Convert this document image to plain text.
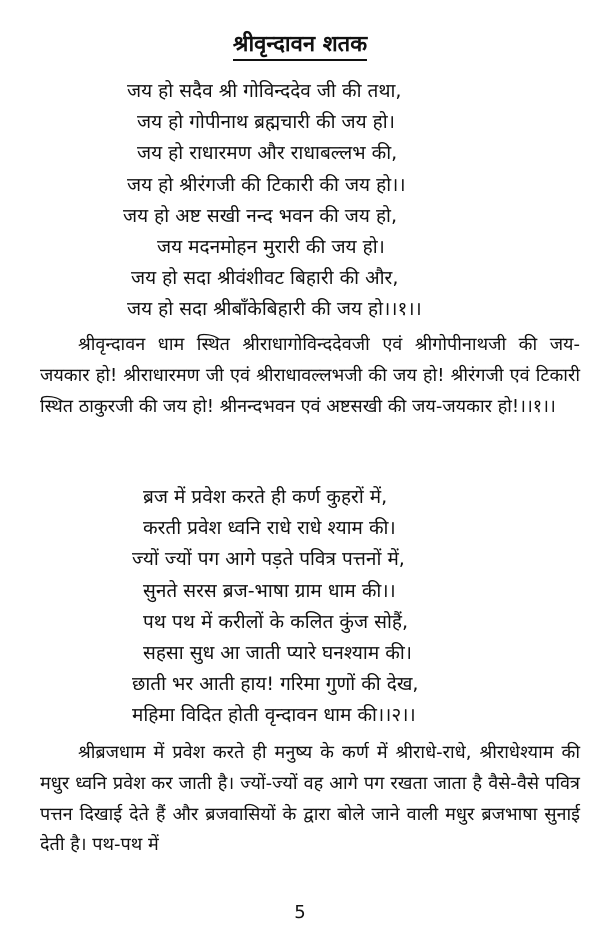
श्रीवृन्दावन शतक
जय हो सदैव श्री गोविन्ददेव जी की तथा,
जय हो गोपीनाथ ब्रह्मचारी की जय हो।
जय हो राधारमण और राधाबल्लभ की,
जय हो श्रीरंगजी की टिकारी की जय हो।।
जय हो अष्ट सखी नन्द भवन की जय हो,
जय मदनमोहन मुरारी की जय हो।
जय हो सदा श्रीवंशीवट बिहारी की और,
जय हो सदा श्रीबाँकेबिहारी की जय हो।।१।।

श्रीवृन्दावन धाम स्थित श्रीराधागोविन्ददेवजी एवं श्रीगोपीनाथजी की जय-जयकार हो! श्रीराधारमण जी एवं श्रीराधावल्लभजी की जय हो! श्रीरंगजी एवं टिकारी स्थित ठाकुरजी की जय हो! श्रीनन्दभवन एवं अष्टसखी की जय-जयकार हो!।।१।।

ब्रज में प्रवेश करते ही कर्ण कुहरों में,
करती प्रवेश ध्वनि राधे राधे श्याम की।
ज्यों ज्यों पग आगे पड़ते पवित्र पत्तनों में,
सुनते सरस ब्रज-भाषा ग्राम धाम की।।
पथ पथ में करीलों के कलित कुंज सोहैं,
सहसा सुध आ जाती प्यारे घनश्याम की।
छाती भर आती हाय! गरिमा गुणों की देख,
महिमा विदित होती वृन्दावन धाम की।।२।।

श्रीब्रजधाम में प्रवेश करते ही मनुष्य के कर्ण में श्रीराधे-राधे, श्रीराधेश्याम की मधुर ध्वनि प्रवेश कर जाती है। ज्यों-ज्यों वह आगे पग रखता जाता है वैसे-वैसे पवित्र पत्तन दिखाई देते हैं और ब्रजवासियों के द्वारा बोले जाने वाली मधुर ब्रजभाषा सुनाई देती है। पथ-पथ में

5
